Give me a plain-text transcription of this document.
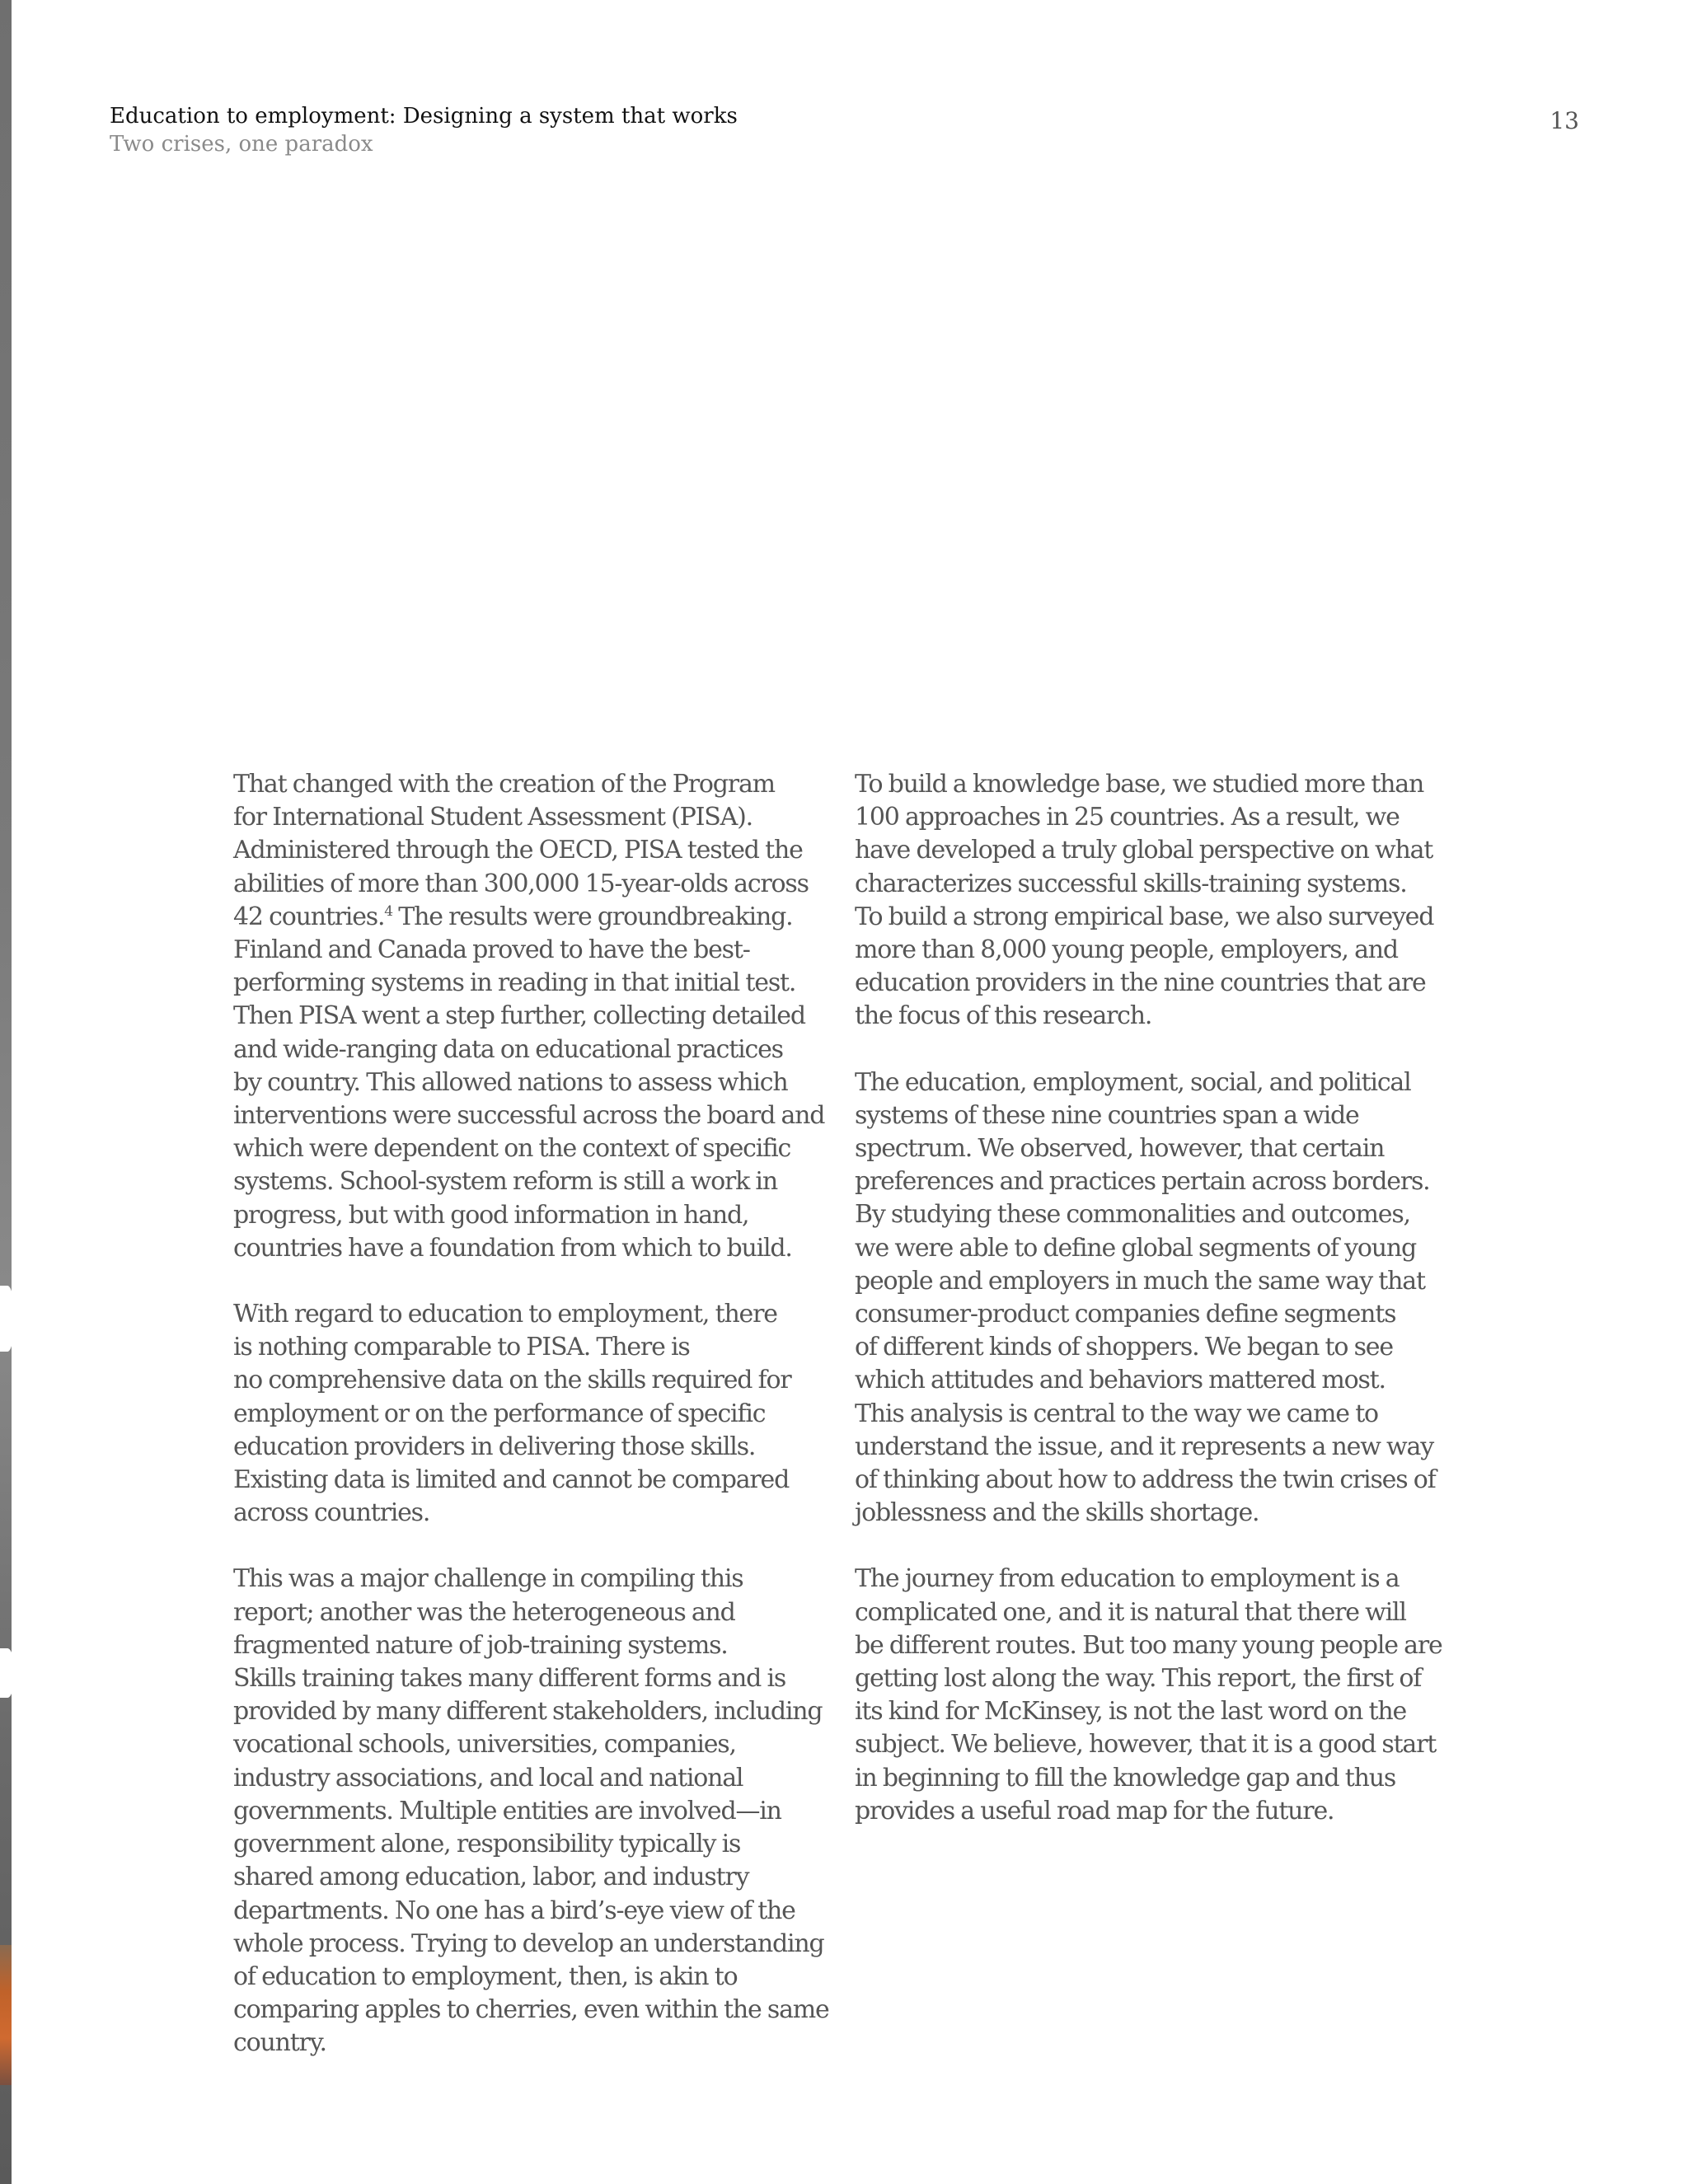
Education to employment: Designing a system that works

Two crises, one paradox

13

That changed with the creation of the Program
for International Student Assessment (PISA).
Administered through the OECD, PISA tested the
abilities of more than 300,000 15-year-olds across
42 countries.$^4$ The results were groundbreaking.
Finland and Canada proved to have the best-
performing systems in reading in that initial test.
Then PISA went a step further, collecting detailed
and wide-ranging data on educational practices
by country. This allowed nations to assess which
interventions were successful across the board and
which were dependent on the context of specific
systems. School-system reform is still a work in
progress, but with good information in hand,
countries have a foundation from which to build.

With regard to education to employment, there
is nothing comparable to PISA. There is
no comprehensive data on the skills required for
employment or on the performance of specific
education providers in delivering those skills.
Existing data is limited and cannot be compared
across countries.

This was a major challenge in compiling this
report; another was the heterogeneous and
fragmented nature of job-training systems.
Skills training takes many different forms and is
provided by many different stakeholders, including
vocational schools, universities, companies,
industry associations, and local and national
governments. Multiple entities are involved—in
government alone, responsibility typically is
shared among education, labor, and industry
departments. No one has a bird’s-eye view of the
whole process. Trying to develop an understanding
of education to employment, then, is akin to
comparing apples to cherries, even within the same
country.

To build a knowledge base, we studied more than
100 approaches in 25 countries. As a result, we
have developed a truly global perspective on what
characterizes successful skills-training systems.
To build a strong empirical base, we also surveyed
more than 8,000 young people, employers, and
education providers in the nine countries that are
the focus of this research.

The education, employment, social, and political
systems of these nine countries span a wide
spectrum. We observed, however, that certain
preferences and practices pertain across borders.
By studying these commonalities and outcomes,
we were able to define global segments of young
people and employers in much the same way that
consumer-product companies define segments
of different kinds of shoppers. We began to see
which attitudes and behaviors mattered most.
This analysis is central to the way we came to
understand the issue, and it represents a new way
of thinking about how to address the twin crises of
joblessness and the skills shortage.

The journey from education to employment is a
complicated one, and it is natural that there will
be different routes. But too many young people are
getting lost along the way. This report, the first of
its kind for McKinsey, is not the last word on the
subject. We believe, however, that it is a good start
in beginning to fill the knowledge gap and thus
provides a useful road map for the future.
